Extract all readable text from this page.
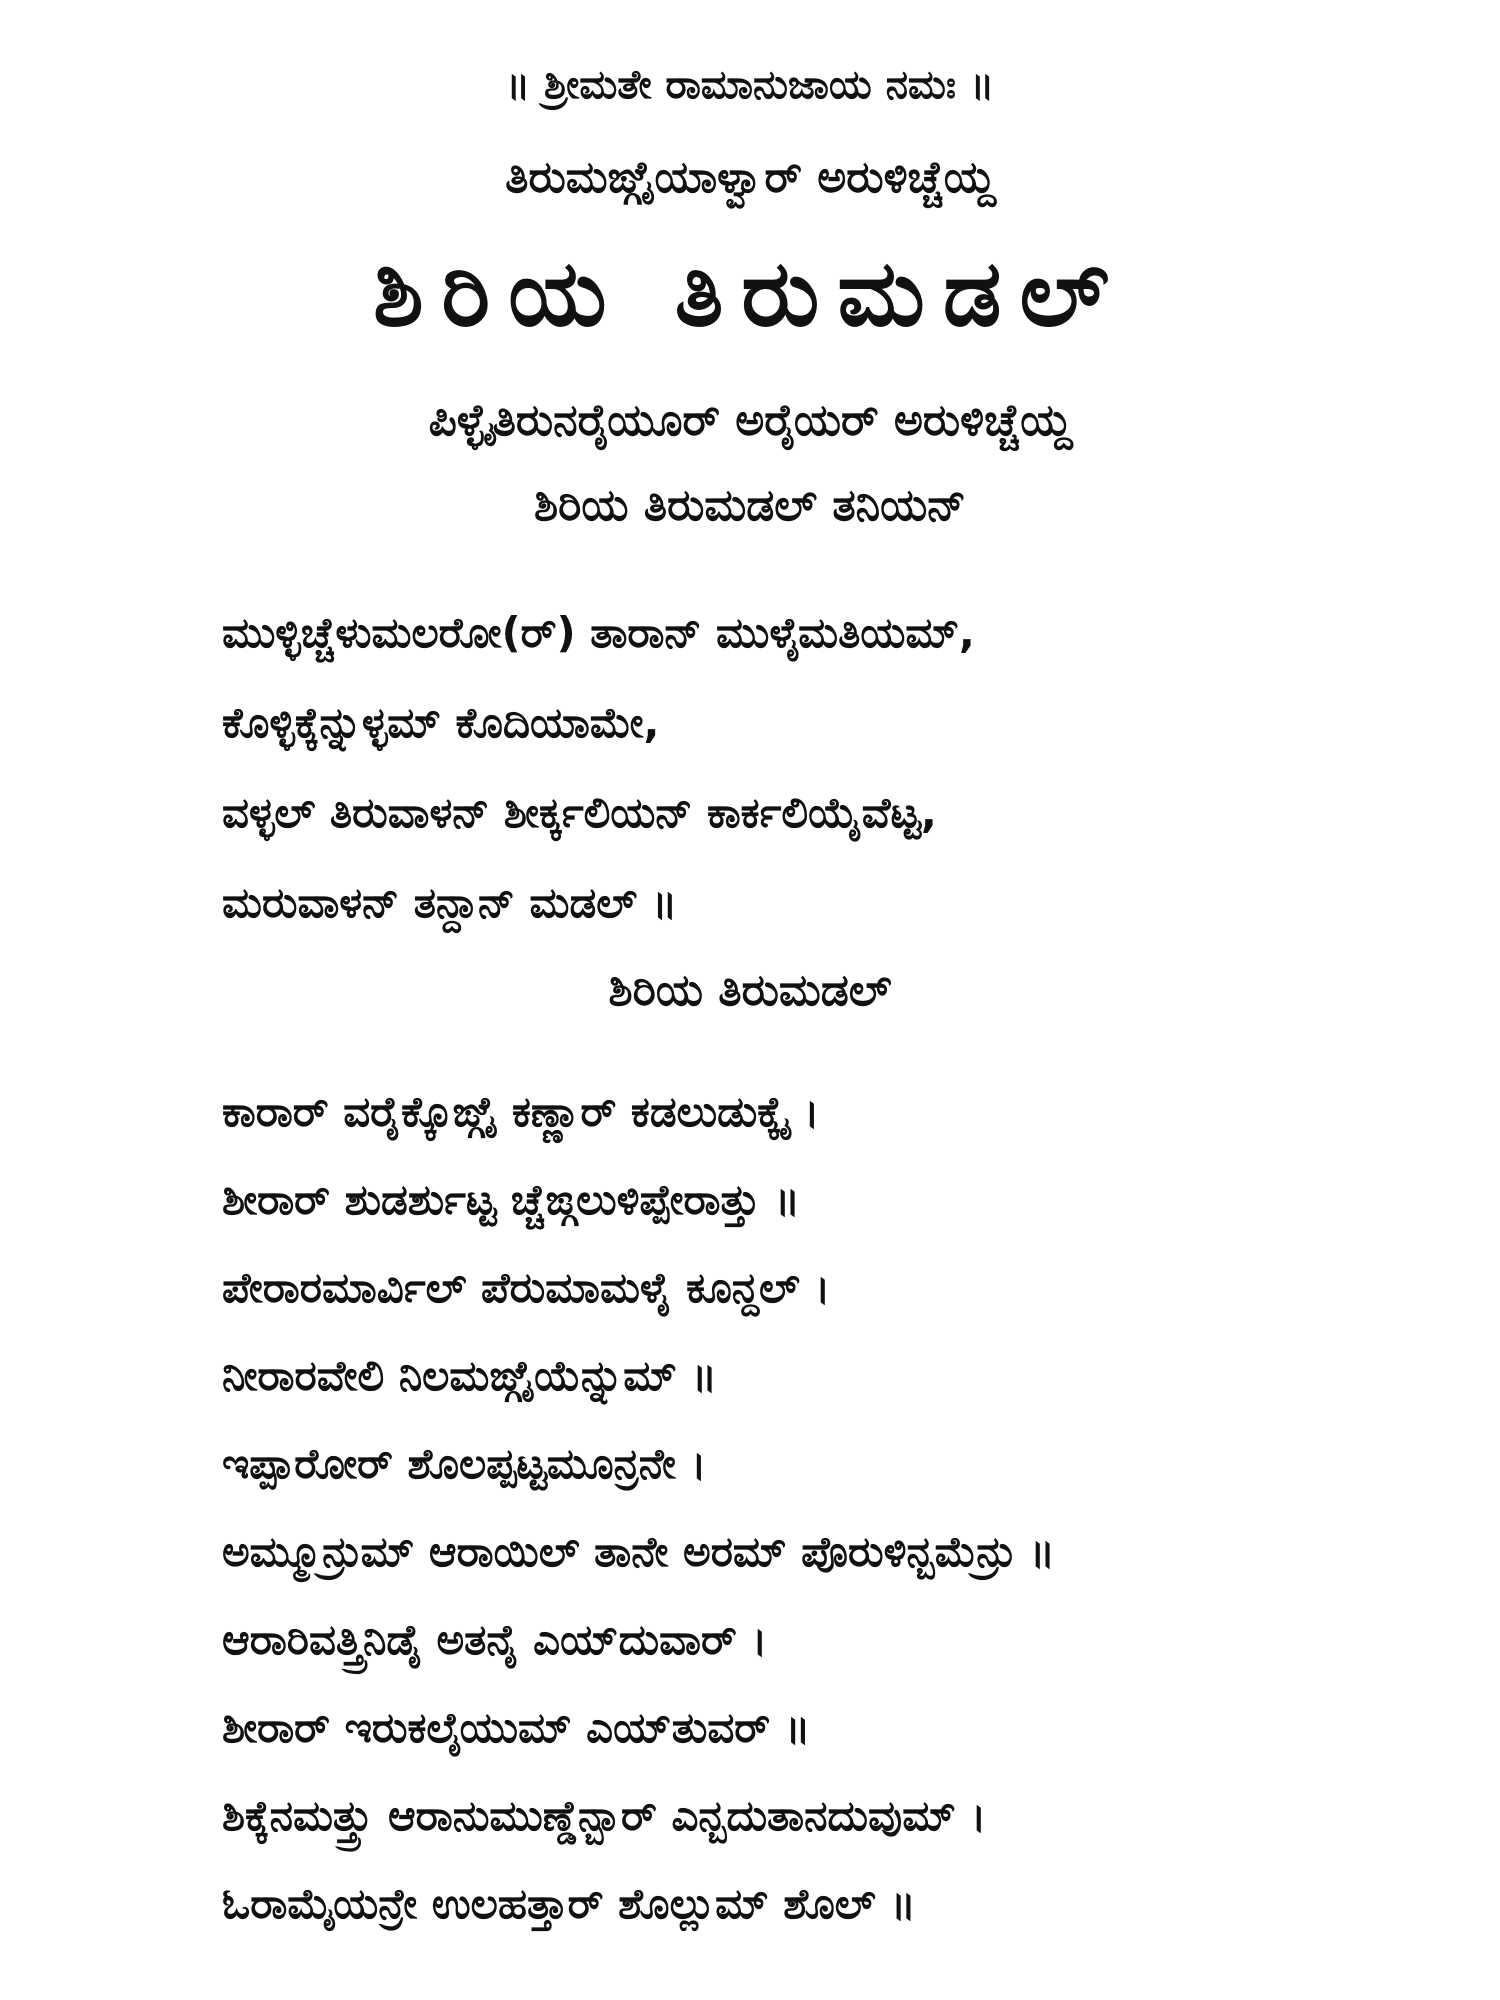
॥ ಶ್ರೀಮತೇ ರಾಮಾನುಜಾಯ ನಮಃ ॥
ತಿರುಮಙ್ಗೈಯಾಳ್ವಾರ್ ಅರುಳಿಚ್ಚೆಯ್ದ
ಶಿರಿಯ ತಿರುಮಡಲ್
ಪಿಳ್ಳೈತಿರುನರೈಯೂರ್ ಅರೈಯರ್ ಅರುಳಿಚ್ಚೆಯ್ದ
ಶಿರಿಯ ತಿರುಮಡಲ್ ತನಿಯನ್
ಮುಳ್ಳಿಚ್ಚೆಳುಮಲರೋ(ರ್) ತಾರಾನ್ ಮುಳೈಮತಿಯಮ್,
ಕೊಳ್ಳಿಕ್ಕೆನ್ನುಳ್ಳಮ್ ಕೊದಿಯಾಮೇ,
ವಳ್ಳಲ್ ತಿರುವಾಳನ್ ಶೀರ್ಕ್ಕಲಿಯನ್ ಕಾರ್ಕಲಿಯೈವೆಟ್ಟ,
ಮರುವಾಳನ್ ತನ್ದಾನ್ ಮಡಲ್ ॥
ಶಿರಿಯ ತಿರುಮಡಲ್
ಕಾರಾರ್ ವರೈಕ್ಕೊಙ್ಗೈ ಕಣ್ಣಾರ್ ಕಡಲುಡುಕ್ಕೈ ।
ಶೀರಾರ್ ಶುಡರ್ಶುಟ್ಟ ಚ್ಚೆಙ್ಗಲುಳಿಪ್ಪೇರಾತ್ತು ॥
ಪೇರಾರಮಾರ್ವಿಲ್ ಪೆರುಮಾಮಳೈ ಕೂನ್ದಲ್ ।
ನೀರಾರವೇಲಿ ನಿಲಮಙ್ಗೈಯೆನ್ನುಮ್ ॥
ಇಪ್ಪಾರೋರ್ ಶೊಲಪ್ಪಟ್ಟಮೂನ್ರನೇ ।
ಅಮ್ಮೂನ್ರುಮ್ ಆರಾಯಿಲ್ ತಾನೇ ಅರಮ್ ಪೊರುಳಿನ್ಬಮೆನ್ರು ॥
ಆರಾರಿವತ್ತ್ರಿನಿಡೈ ಅತನೈ ಎಯ್‌ದುವಾರ್ ।
ಶೀರಾರ್ ಇರುಕಲೈಯುಮ್ ಎಯ್‌ತುವರ್ ॥
ಶಿಕ್ಕೆನಮತ್ತ್ರು ಆರಾನುಮುಣ್ಡೆನ್ಬಾರ್ ಎನ್ಬದುತಾನದುವುಮ್ ।
ಓರಾಮೈಯನ್ರೇ ಉಲಹತ್ತಾರ್ ಶೊಲ್ಲುಮ್ ಶೊಲ್ ॥
